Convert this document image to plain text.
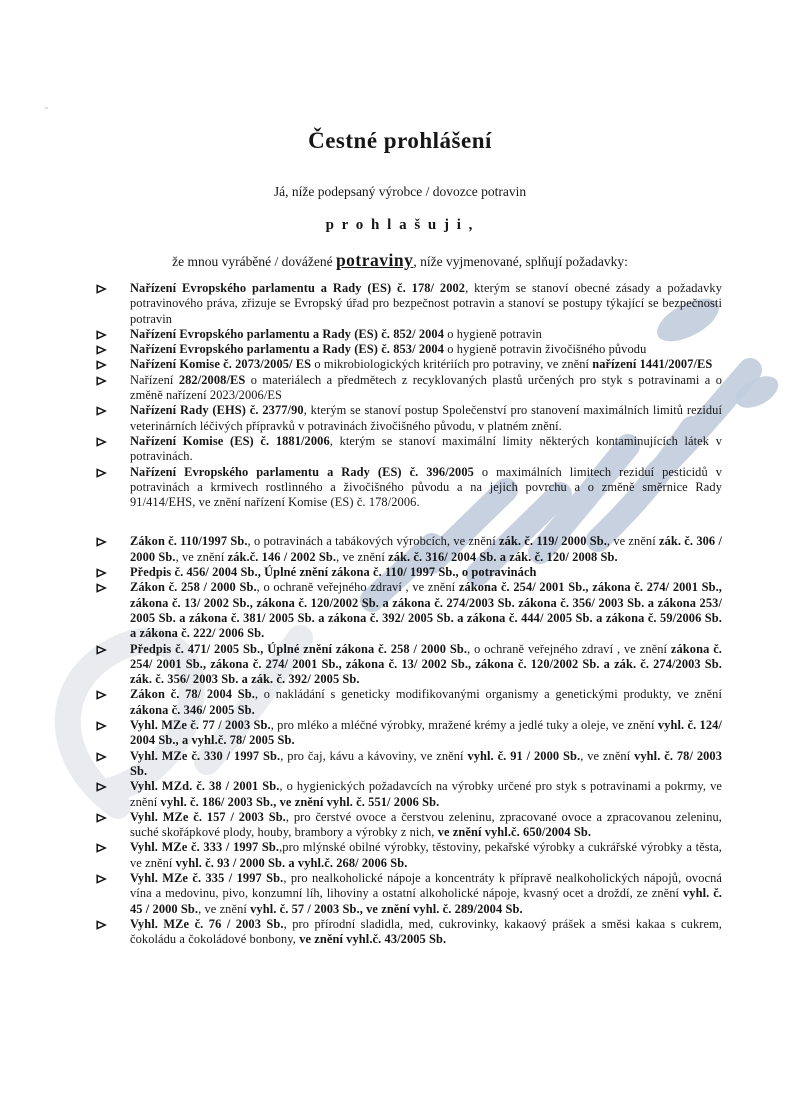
Čestné prohlášení
Já, níže podepsaný výrobce / dovozce potravin
p r o h l a š u j i ,
že mnou vyráběné / dovážené potraviny, níže vyjmenované, splňují požadavky:
Nařízení Evropského parlamentu a Rady (ES) č. 178/ 2002, kterým se stanoví obecné zásady a požadavky potravinového práva, zřizuje se Evropský úřad pro bezpečnost potravin a stanoví se postupy týkající se bezpečnosti potravin
Nařízení Evropského parlamentu a Rady (ES) č. 852/ 2004 o hygieně potravin
Nařízení Evropského parlamentu a Rady (ES) č. 853/ 2004 o hygieně potravin živočišného původu
Nařízení Komise č. 2073/2005/ ES o mikrobiologických kritériích pro potraviny, ve znění nařízení 1441/2007/ES
Nařízení 282/2008/ES o materiálech a předmětech z recyklovaných plastů určených pro styk s potravinami a o změně nařízení 2023/2006/ES
Nařízení Rady (EHS) č. 2377/90, kterým se stanoví postup Společenství pro stanovení maximálních limitů reziduí veterinárních léčivých přípravků v potravinách živočišného původu, v platném znění.
Nařízení Komise (ES) č. 1881/2006, kterým se stanoví maximální limity některých kontaminujících látek v potravinách.
Nařízení Evropského parlamentu a Rady (ES) č. 396/2005 o maximálních limitech reziduí pesticidů v potravinách a krmivech rostlinného a živočišného původu a na jejich povrchu a o změně směrnice Rady 91/414/EHS, ve znění nařízení Komise (ES) č. 178/2006.
Zákon č. 110/1997 Sb., o potravinách a tabákových výrobcích, ve znění zák. č. 119/ 2000 Sb., ve znění zák. č. 306 / 2000 Sb., ve znění zák.č. 146 / 2002 Sb., ve znění zák. č. 316/ 2004 Sb. a zák. č. 120/ 2008 Sb.
Předpis č. 456/ 2004 Sb., Úplné znění zákona č. 110/ 1997 Sb., o potravinách
Zákon č. 258 / 2000 Sb., o ochraně veřejného zdraví , ve znění zákona č. 254/ 2001 Sb., zákona č. 274/ 2001 Sb., zákona č. 13/ 2002 Sb., zákona č. 120/2002 Sb. a zákona č. 274/2003 Sb. zákona č. 356/ 2003 Sb. a zákona 253/ 2005 Sb. a zákona č. 381/ 2005 Sb. a zákona č. 392/ 2005 Sb. a zákona č. 444/ 2005 Sb. a zákona č. 59/2006 Sb. a zákona č. 222/ 2006 Sb.
Předpis č. 471/ 2005 Sb., Úplné znění zákona č. 258 / 2000 Sb., o ochraně veřejného zdraví , ve znění zákona č. 254/ 2001 Sb., zákona č. 274/ 2001 Sb., zákona č. 13/ 2002 Sb., zákona č. 120/2002 Sb. a zák. č. 274/2003 Sb. zák. č. 356/ 2003 Sb. a zák. č. 392/ 2005 Sb.
Zákon č. 78/ 2004 Sb., o nakládání s geneticky modifikovanými organismy a genetickými produkty, ve znění zákona č. 346/ 2005 Sb.
Vyhl. MZe č. 77 / 2003 Sb., pro mléko a mléčné výrobky, mražené krémy a jedlé tuky a oleje, ve znění vyhl. č. 124/ 2004 Sb., a vyhl.č. 78/ 2005 Sb.
Vyhl. MZe č. 330 / 1997 Sb., pro čaj, kávu a kávoviny, ve znění vyhl. č. 91 / 2000 Sb., ve znění vyhl. č. 78/ 2003 Sb.
Vyhl. MZd. č. 38 / 2001 Sb., o hygienických požadavcích na výrobky určené pro styk s potravinami a pokrmy, ve znění vyhl. č. 186/ 2003 Sb., ve znění vyhl. č. 551/ 2006 Sb.
Vyhl. MZe č. 157 / 2003 Sb., pro čerstvé ovoce a čerstvou zeleninu, zpracované ovoce a zpracovanou zeleninu, suché skořápkové plody, houby, brambory a výrobky z nich, ve znění vyhl.č. 650/2004 Sb.
Vyhl. MZe č. 333 / 1997 Sb.,pro mlýnské obilné výrobky, těstoviny, pekařské výrobky a cukrářské výrobky a těsta, ve znění vyhl. č. 93 / 2000 Sb. a vyhl.č. 268/ 2006 Sb.
Vyhl. MZe č. 335 / 1997 Sb., pro nealkoholické nápoje a koncentráty k přípravě nealkoholických nápojů, ovocná vína a medovinu, pivo, konzumní líh, lihoviny a ostatní alkoholické nápoje, kvasný ocet a droždí, ze znění vyhl. č. 45 / 2000 Sb., ve znění vyhl. č. 57 / 2003 Sb., ve znění vyhl. č. 289/2004 Sb.
Vyhl. MZe č. 76 / 2003 Sb., pro přírodní sladidla, med, cukrovinky, kakaový prášek a směsi kakaa s cukrem, čokoládu a čokoládové bonbony, ve znění vyhl.č. 43/2005 Sb.
